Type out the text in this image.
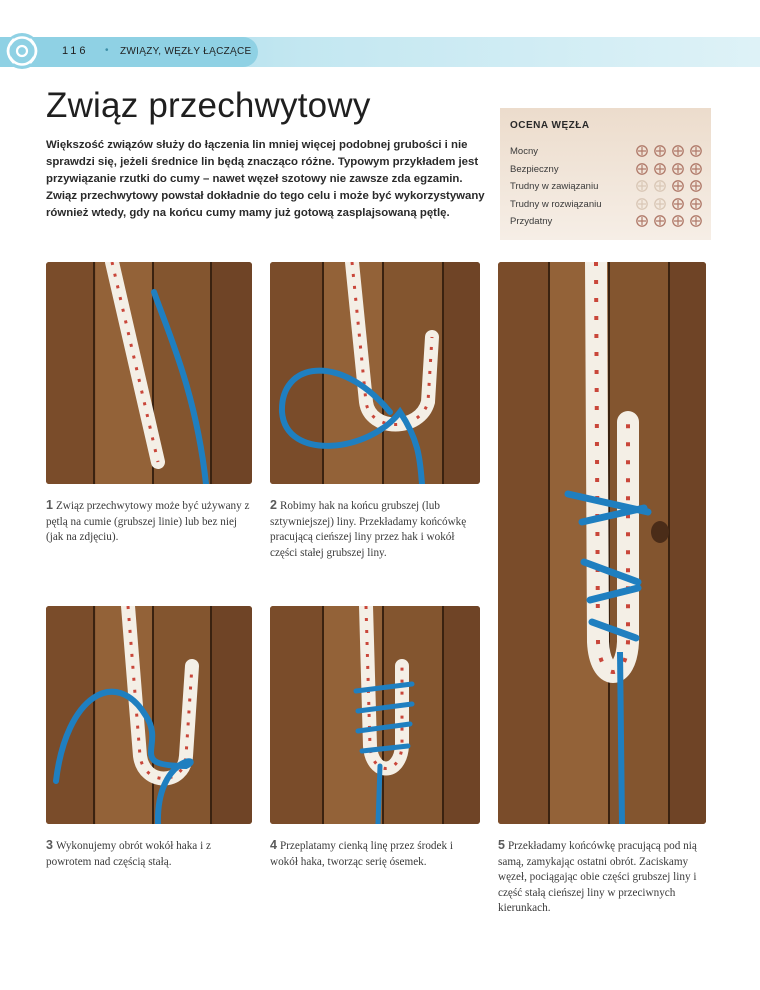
116 • ZWIĄZY, WĘZŁY ŁĄCZĄCE
Związ przechwytowy

Większość związów służy do łączenia lin mniej więcej podobnej grubości i nie sprawdzi się, jeżeli średnice lin będą znacząco różne. Typowym przykładem jest przywiązanie rzutki do cumy – nawet węzeł szotowy nie zawsze zda egzamin. Związ przechwytowy powstał dokładnie do tego celu i może być wykorzystywany również wtedy, gdy na końcu cumy mamy już gotową zasplajsowaną pętlę.

OCENA WĘZŁA
Mocny
Bezpieczny
Trudny w zawiązaniu
Trudny w rozwiązaniu
Przydatny

1 Związ przechwytowy może być używany z pętlą na cumie (grubszej linie) lub bez niej (jak na zdjęciu).

2 Robimy hak na końcu grubszej (lub sztywniejszej) liny. Przekładamy końcówkę pracującą cieńszej liny przez hak i wokół części stałej grubszej liny.

3 Wykonujemy obrót wokół haka i z powrotem nad częścią stałą.

4 Przeplatamy cienką linę przez środek i wokół haka, tworząc serię ósemek.

5 Przekładamy końcówkę pracującą pod nią samą, zamykając ostatni obrót. Zaciskamy węzeł, pociągając obie części grubszej liny i część stałą cieńszej liny w przeciwnych kierunkach.
